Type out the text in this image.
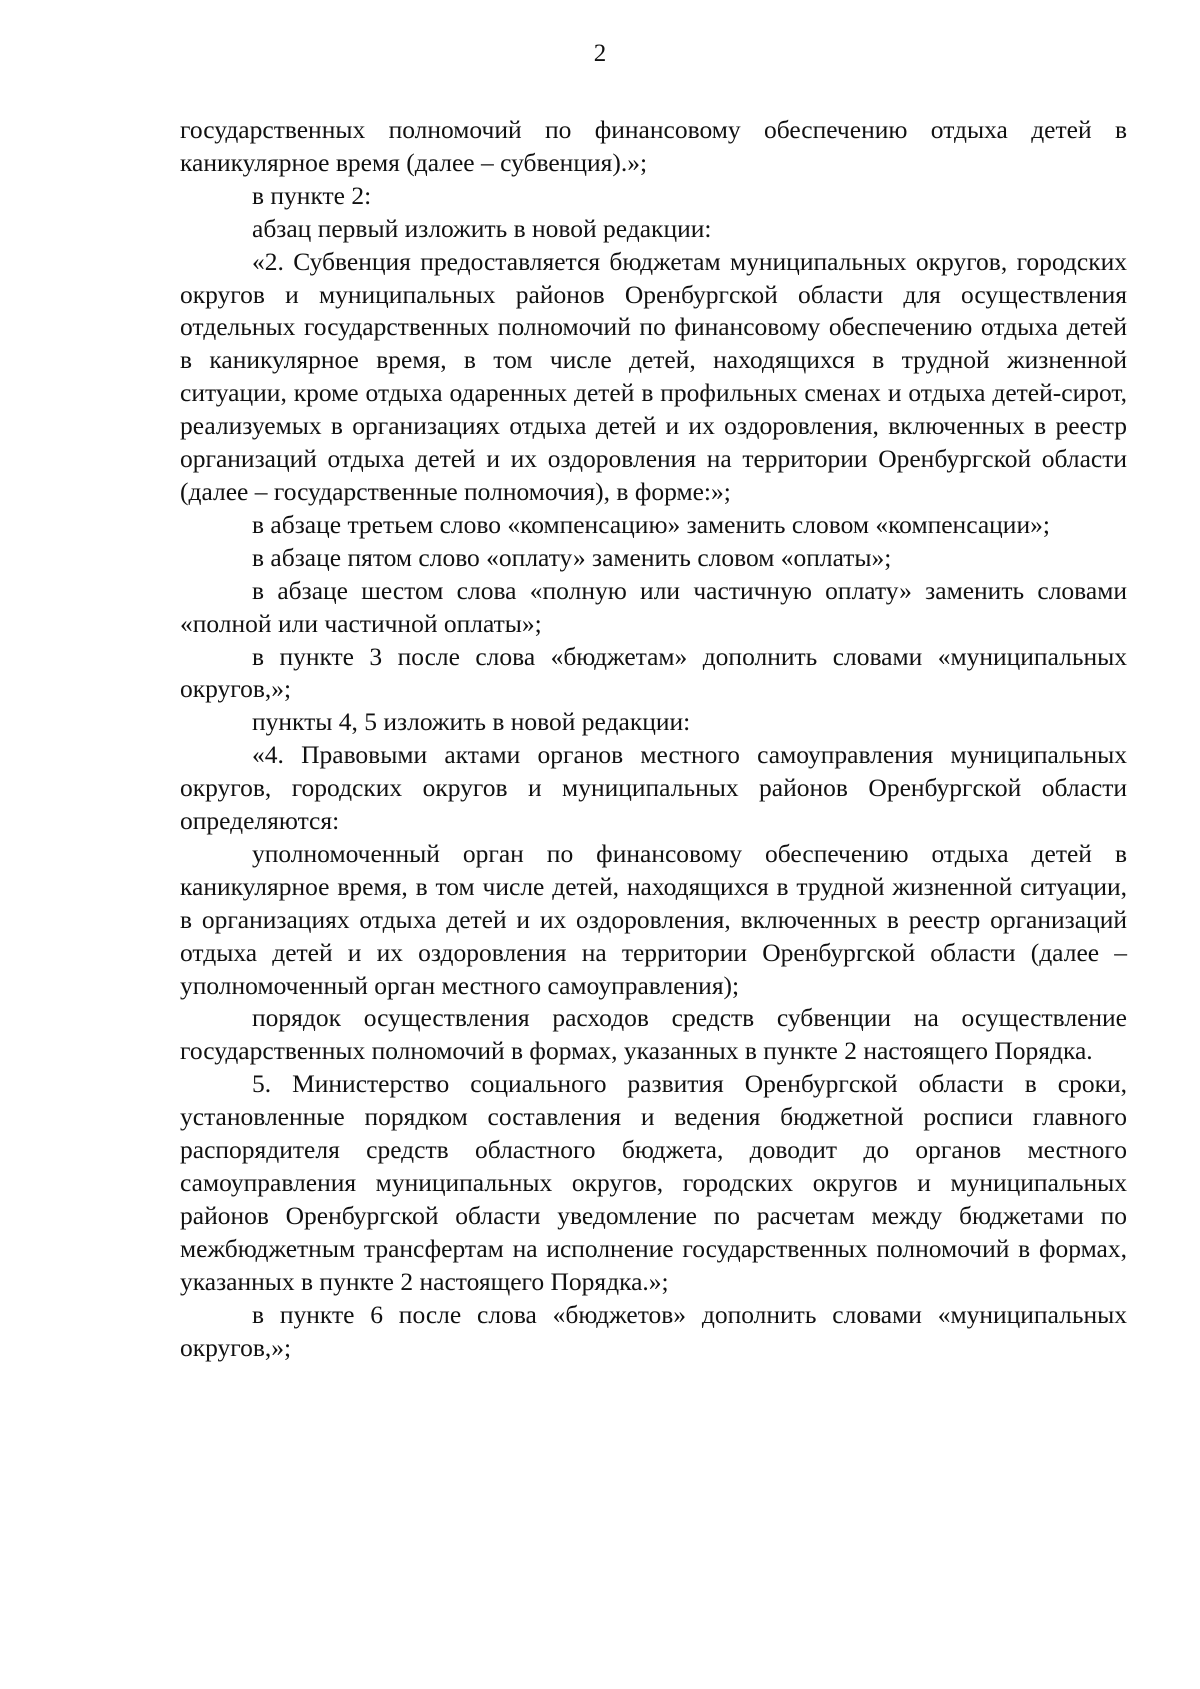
2

государственных полномочий по финансовому обеспечению отдыха детей в каникулярное время (далее – субвенция).»;

в пункте 2:

абзац первый изложить в новой редакции:

«2. Субвенция предоставляется бюджетам муниципальных округов, городских округов и муниципальных районов Оренбургской области для осуществления отдельных государственных полномочий по финансовому обеспечению отдыха детей в каникулярное время, в том числе детей, находящихся в трудной жизненной ситуации, кроме отдыха одаренных детей в профильных сменах и отдыха детей-сирот, реализуемых в организациях отдыха детей и их оздоровления, включенных в реестр организаций отдыха детей и их оздоровления на территории Оренбургской области (далее – государственные полномочия), в форме:»;

в абзаце третьем слово «компенсацию» заменить словом «компенсации»;

в абзаце пятом слово «оплату» заменить словом «оплаты»;

в абзаце шестом слова «полную или частичную оплату» заменить словами «полной или частичной оплаты»;

в пункте 3 после слова «бюджетам» дополнить словами «муниципальных округов,»;

пункты 4, 5 изложить в новой редакции:

«4. Правовыми актами органов местного самоуправления муниципальных округов, городских округов и муниципальных районов Оренбургской области определяются:

уполномоченный орган по финансовому обеспечению отдыха детей в каникулярное время, в том числе детей, находящихся в трудной жизненной ситуации, в организациях отдыха детей и их оздоровления, включенных в реестр организаций отдыха детей и их оздоровления на территории Оренбургской области (далее – уполномоченный орган местного самоуправления);

порядок осуществления расходов средств субвенции на осуществление государственных полномочий в формах, указанных в пункте 2 настоящего Порядка.

5. Министерство социального развития Оренбургской области в сроки, установленные порядком составления и ведения бюджетной росписи главного распорядителя средств областного бюджета, доводит до органов местного самоуправления муниципальных округов, городских округов и муниципальных районов Оренбургской области уведомление по расчетам между бюджетами по межбюджетным трансфертам на исполнение государственных полномочий в формах, указанных в пункте 2 настоящего Порядка.»;

в пункте 6 после слова «бюджетов» дополнить словами «муниципальных округов,»;
